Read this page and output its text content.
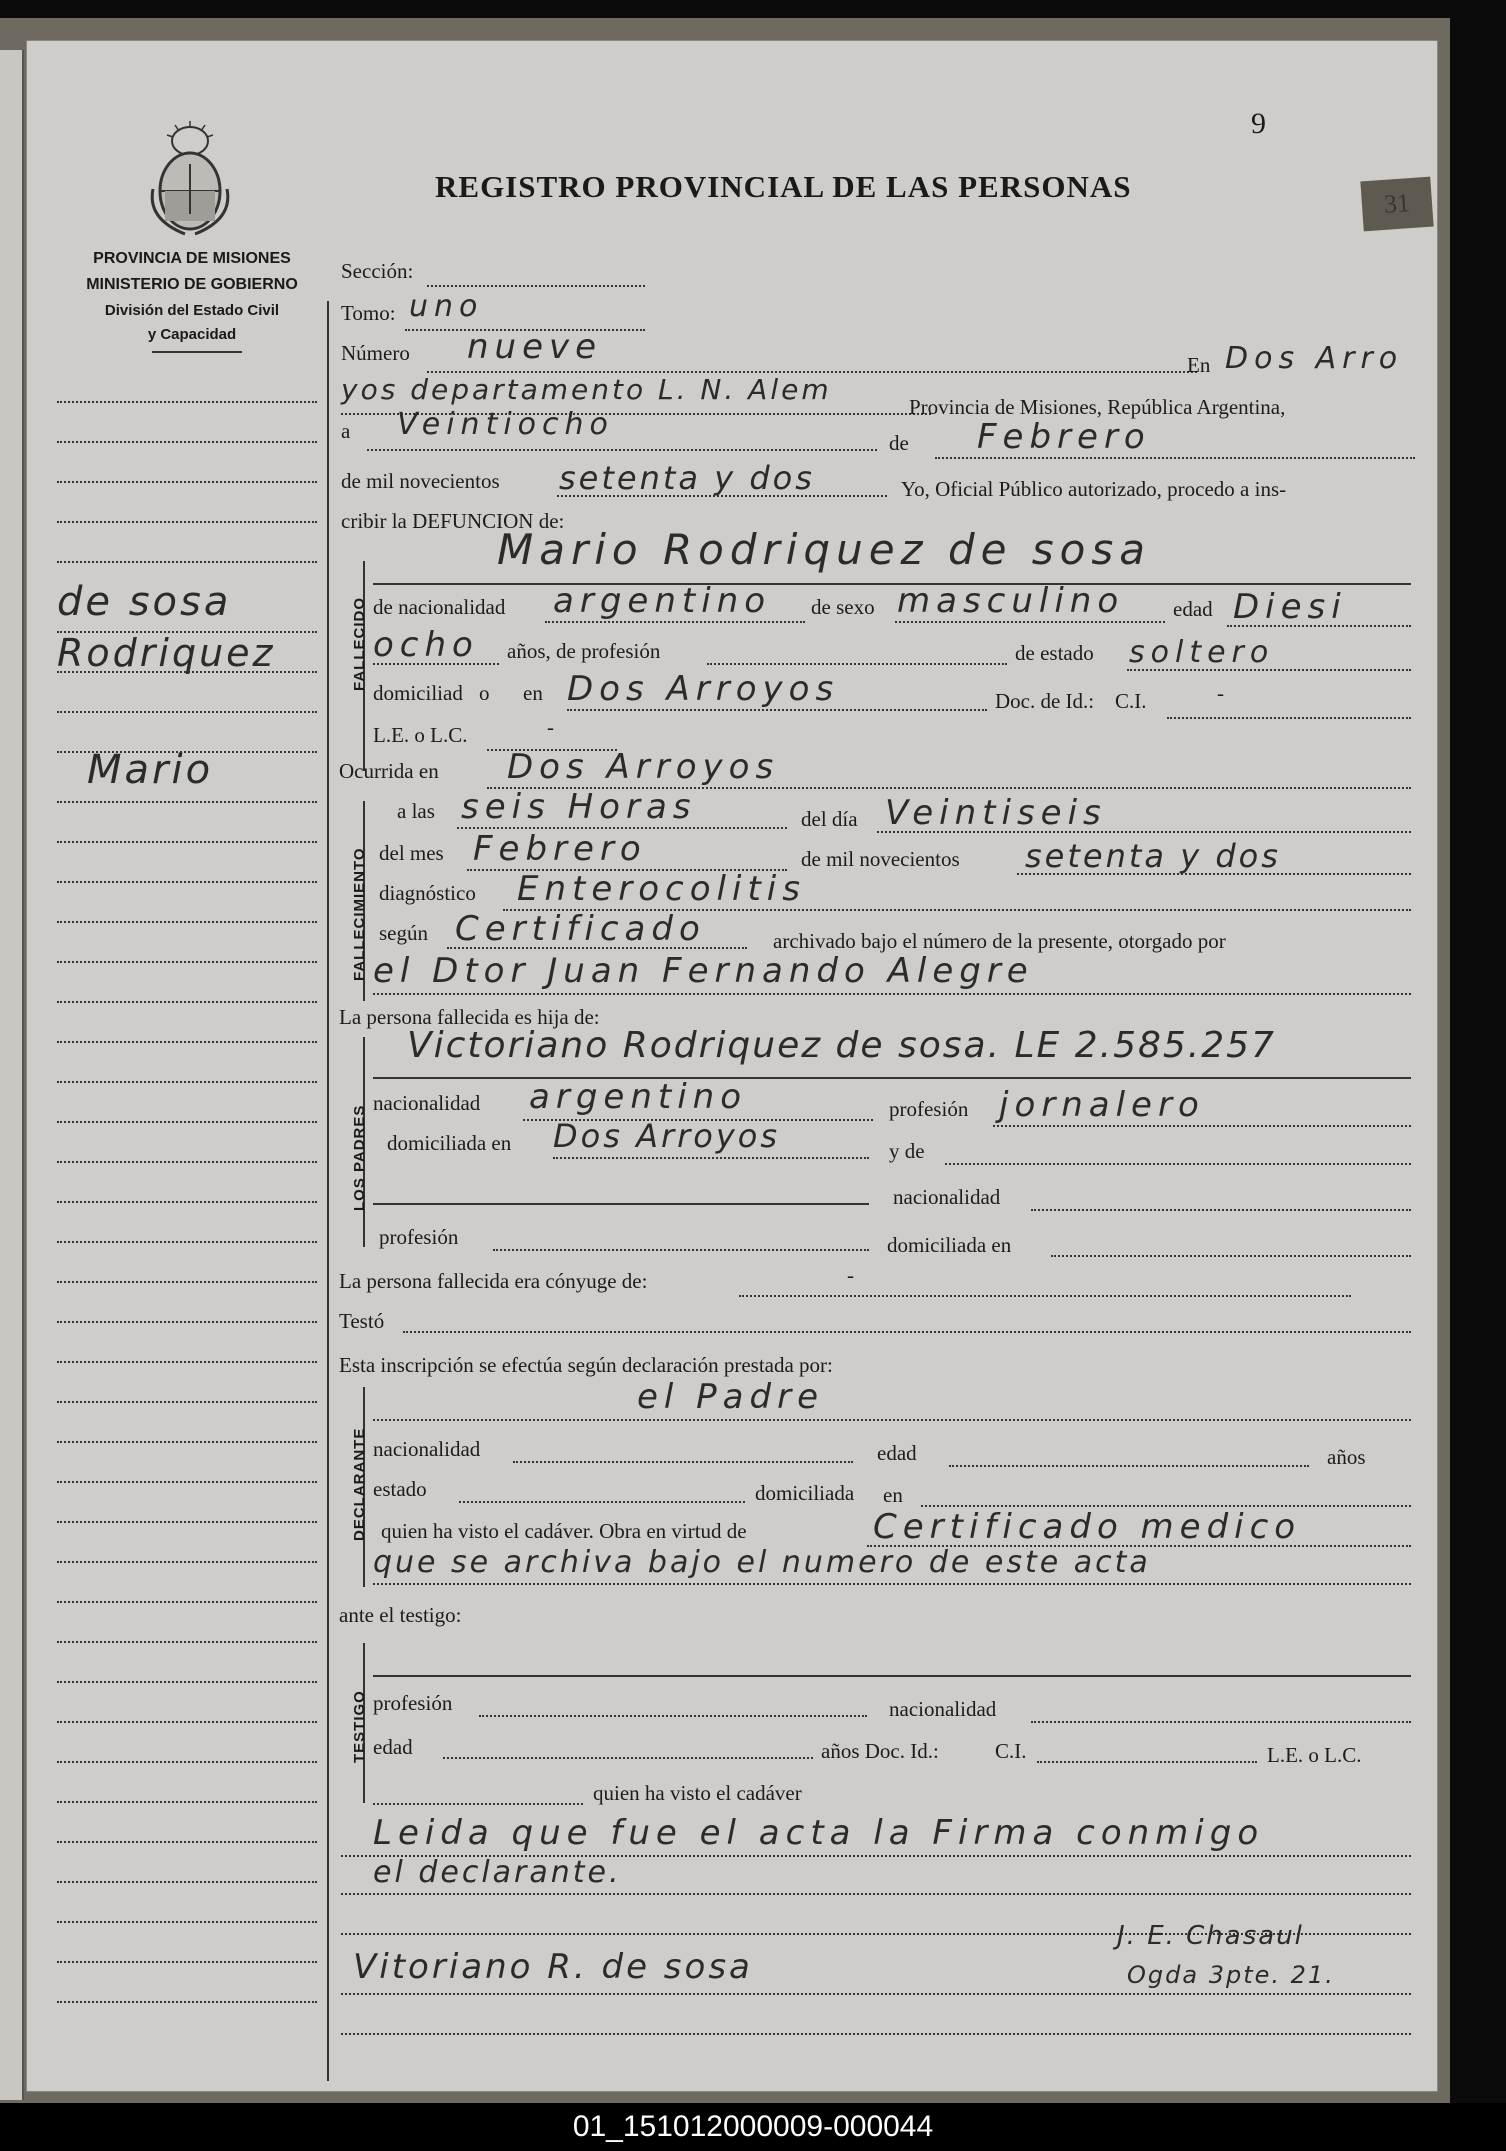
PROVINCIA DE MISIONES
MINISTERIO DE GOBIERNO
División del Estado Civil
y Capacidad
9
31
REGISTRO PROVINCIAL DE LAS PERSONAS
de sosa
Rodriquez
Mario
Sección:
Tomo: uno
Número nueve	En Dos Arro
yos departamento L. N. Alem
Provincia de Misiones, República Argentina,
a Veintiocho
de Febrero
de mil novecientos setenta y dos	Yo, Oficial Público autorizado, procedo a ins-
cribir la DEFUNCION de:
FALLECIDO
Mario Rodriquez de sosa
de nacionalidad argentino de sexo masculino edad Diesi
ocho años, de profesión	de estado soltero
domiciliad o en Dos Arroyos	Doc. de Id.: C.I.	-
L.E. o L.C.	-
Ocurrida en Dos Arroyos
FALLECIMIENTO
a las seis Horas	del día Veintiseis
del mes Febrero	de mil novecientos setenta y dos
diagnóstico Enterocolitis
según Certificado	archivado bajo el número de la presente, otorgado por
el Dtor Juan Fernando Alegre
La persona fallecida es hija de:
LOS PADRES
Victoriano Rodriquez de sosa. LE 2.585.257
nacionalidad argentino	profesión jornalero
domiciliada en Dos Arroyos	y de
nacionalidad
profesión	domiciliada en
La persona fallecida era cónyuge de:	-
Testó
Esta inscripción se efectúa según declaración prestada por:
DECLARANTE
el Padre
nacionalidad	edad	años
estado	domiciliada en
quien ha visto el cadáver. Obra en virtud de	Certificado medico
que se archiva bajo el numero de este acta
ante el testigo:
TESTIGO profesión	nacionalidad
edad	años Doc. Id.:	C.I.	L.E. o L.C.
quien ha visto el cadáver
Leida que fue el acta la Firma conmigo
el declarante.
Vitoriano R. de sosa
J. E. Chasaul
Ogda 3pte. 21.
01_151012000009-000044
